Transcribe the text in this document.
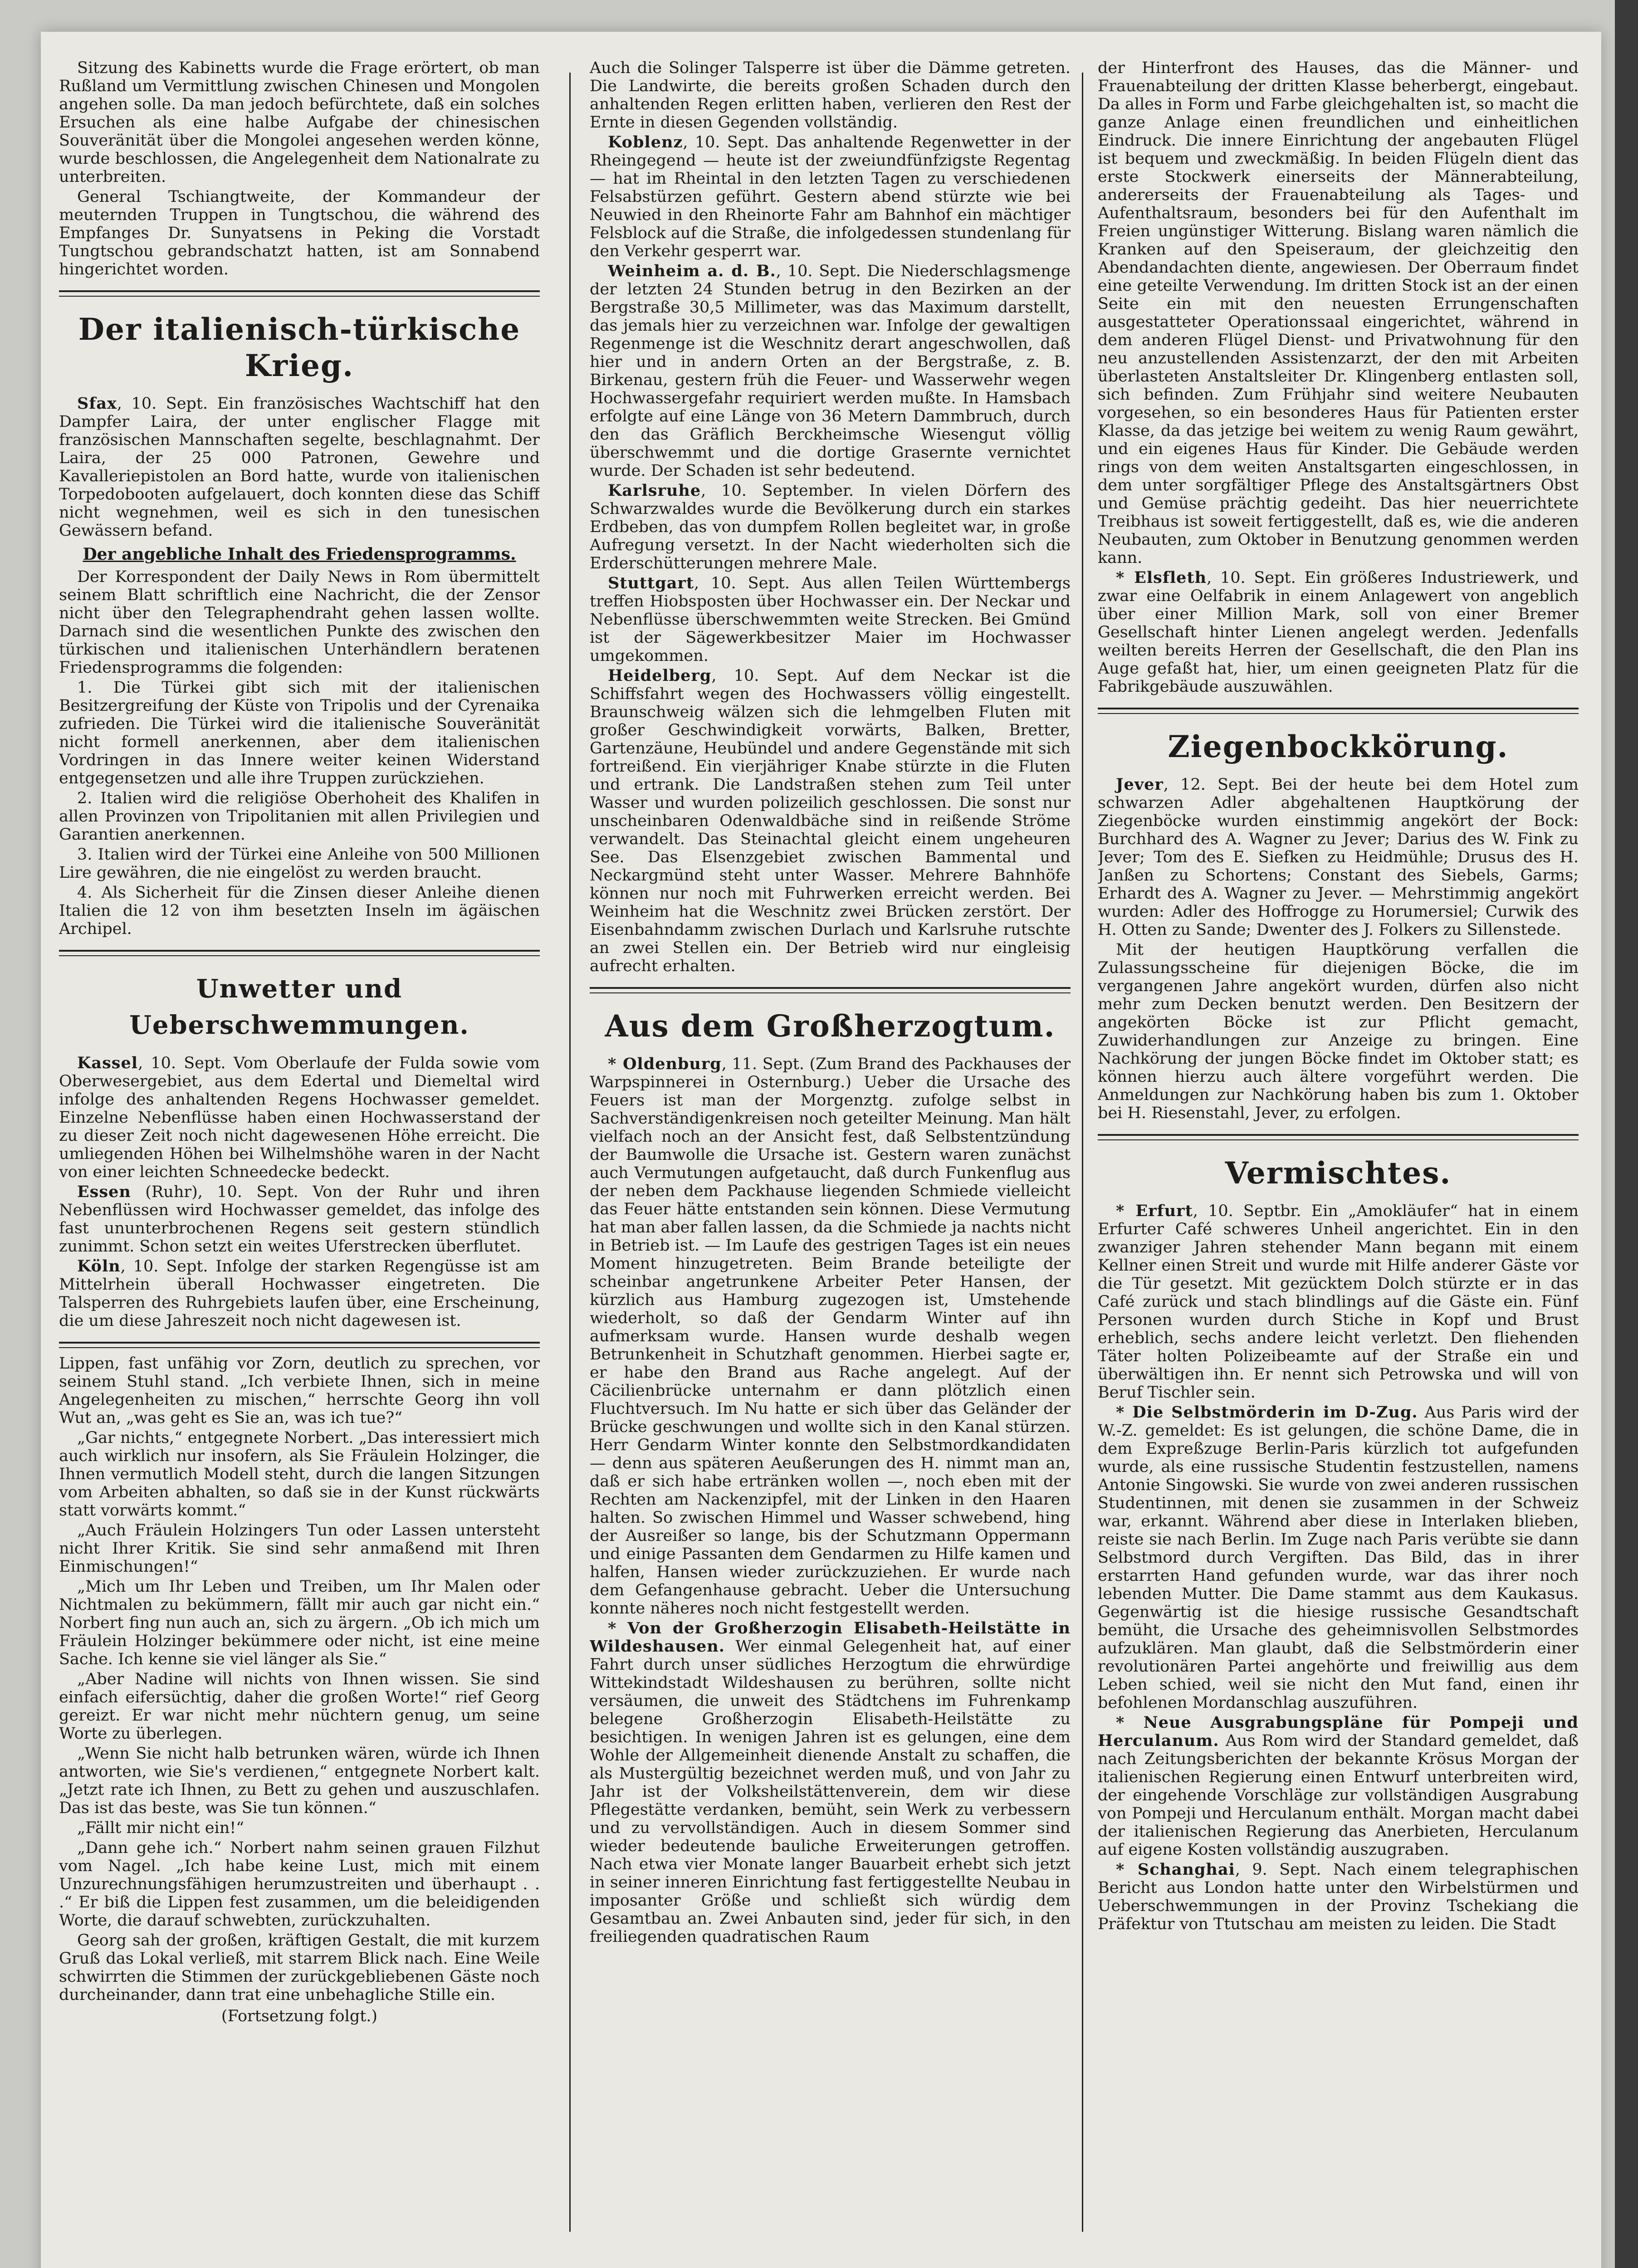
Sitzung des Kabinetts wurde die Frage erörtert, ob man Rußland um Vermittlung zwischen Chinesen und Mongolen angehen solle. Da man jedoch befürchtete, daß ein solches Ersuchen als eine halbe Aufgabe der chinesischen Souveränität über die Mongolei angesehen werden könne, wurde beschlossen, die Angelegenheit dem Nationalrate zu unterbreiten.

General Tschiangtweite, der Kommandeur der meuternden Truppen in Tungtschou, die während des Empfanges Dr. Sunyatsens in Peking die Vorstadt Tungtschou gebrandschatzt hatten, ist am Sonnabend hingerichtet worden.

Der italienisch-türkische Krieg.

Sfax, 10. Sept. Ein französisches Wachtschiff hat den Dampfer Laira, der unter englischer Flagge mit französischen Mannschaften segelte, beschlagnahmt. Der Laira, der 25 000 Patronen, Gewehre und Kavalleriepistolen an Bord hatte, wurde von italienischen Torpedobooten aufgelauert, doch konnten diese das Schiff nicht wegnehmen, weil es sich in den tunesischen Gewässern befand.

Der angebliche Inhalt des Friedensprogramms.

Der Korrespondent der Daily News in Rom übermittelt seinem Blatt schriftlich eine Nachricht, die der Zensor nicht über den Telegraphendraht gehen lassen wollte. Darnach sind die wesentlichen Punkte des zwischen den türkischen und italienischen Unterhändlern beratenen Friedensprogramms die folgenden:

1. Die Türkei gibt sich mit der italienischen Besitzergreifung der Küste von Tripolis und der Cyrenaika zufrieden. Die Türkei wird die italienische Souveränität nicht formell anerkennen, aber dem italienischen Vordringen in das Innere weiter keinen Widerstand entgegensetzen und alle ihre Truppen zurückziehen.

2. Italien wird die religiöse Oberhoheit des Khalifen in allen Provinzen von Tripolitanien mit allen Privilegien und Garantien anerkennen.

3. Italien wird der Türkei eine Anleihe von 500 Millionen Lire gewähren, die nie eingelöst zu werden braucht.

4. Als Sicherheit für die Zinsen dieser Anleihe dienen Italien die 12 von ihm besetzten Inseln im ägäischen Archipel.

Unwetter und Ueberschwemmungen.

Kassel, 10. Sept. Vom Oberlaufe der Fulda sowie vom Oberwesergebiet, aus dem Edertal und Diemeltal wird infolge des anhaltenden Regens Hochwasser gemeldet. Einzelne Nebenflüsse haben einen Hochwasserstand der zu dieser Zeit noch nicht dagewesenen Höhe erreicht. Die umliegenden Höhen bei Wilhelmshöhe waren in der Nacht von einer leichten Schneedecke bedeckt.

Essen (Ruhr), 10. Sept. Von der Ruhr und ihren Nebenflüssen wird Hochwasser gemeldet, das infolge des fast ununterbrochenen Regens seit gestern stündlich zunimmt. Schon setzt ein weites Uferstrecken überflutet.

Köln, 10. Sept. Infolge der starken Regengüsse ist am Mittelrhein überall Hochwasser eingetreten. Die Talsperren des Ruhrgebiets laufen über, eine Erscheinung, die um diese Jahreszeit noch nicht dagewesen ist.

Lippen, fast unfähig vor Zorn, deutlich zu sprechen, vor seinem Stuhl stand. „Ich verbiete Ihnen, sich in meine Angelegenheiten zu mischen,“ herrschte Georg ihn voll Wut an, „was geht es Sie an, was ich tue?“

„Gar nichts,“ entgegnete Norbert. „Das interessiert mich auch wirklich nur insofern, als Sie Fräulein Holzinger, die Ihnen vermutlich Modell steht, durch die langen Sitzungen vom Arbeiten abhalten, so daß sie in der Kunst rückwärts statt vorwärts kommt.“

„Auch Fräulein Holzingers Tun oder Lassen untersteht nicht Ihrer Kritik. Sie sind sehr anmaßend mit Ihren Einmischungen!“

„Mich um Ihr Leben und Treiben, um Ihr Malen oder Nichtmalen zu bekümmern, fällt mir auch gar nicht ein.“ Norbert fing nun auch an, sich zu ärgern. „Ob ich mich um Fräulein Holzinger bekümmere oder nicht, ist eine meine Sache. Ich kenne sie viel länger als Sie.“

„Aber Nadine will nichts von Ihnen wissen. Sie sind einfach eifersüchtig, daher die großen Worte!“ rief Georg gereizt. Er war nicht mehr nüchtern genug, um seine Worte zu überlegen.

„Wenn Sie nicht halb betrunken wären, würde ich Ihnen antworten, wie Sie's verdienen,“ entgegnete Norbert kalt. „Jetzt rate ich Ihnen, zu Bett zu gehen und auszuschlafen. Das ist das beste, was Sie tun können.“

„Fällt mir nicht ein!“

„Dann gehe ich.“ Norbert nahm seinen grauen Filzhut vom Nagel. „Ich habe keine Lust, mich mit einem Unzurechnungsfähigen herumzustreiten und überhaupt . . .“ Er biß die Lippen fest zusammen, um die beleidigenden Worte, die darauf schwebten, zurückzuhalten.

Georg sah der großen, kräftigen Gestalt, die mit kurzem Gruß das Lokal verließ, mit starrem Blick nach. Eine Weile schwirrten die Stimmen der zurückgebliebenen Gäste noch durcheinander, dann trat eine unbehagliche Stille ein.

(Fortsetzung folgt.)

Auch die Solinger Talsperre ist über die Dämme getreten. Die Landwirte, die bereits großen Schaden durch den anhaltenden Regen erlitten haben, verlieren den Rest der Ernte in diesen Gegenden vollständig.

Koblenz, 10. Sept. Das anhaltende Regenwetter in der Rheingegend — heute ist der zweiundfünfzigste Regentag — hat im Rheintal in den letzten Tagen zu verschiedenen Felsabstürzen geführt. Gestern abend stürzte wie bei Neuwied in den Rheinorte Fahr am Bahnhof ein mächtiger Felsblock auf die Straße, die infolgedessen stundenlang für den Verkehr gesperrt war.

Weinheim a. d. B., 10. Sept. Die Niederschlagsmenge der letzten 24 Stunden betrug in den Bezirken an der Bergstraße 30,5 Millimeter, was das Maximum darstellt, das jemals hier zu verzeichnen war. Infolge der gewaltigen Regenmenge ist die Weschnitz derart angeschwollen, daß hier und in andern Orten an der Bergstraße, z. B. Birkenau, gestern früh die Feuer- und Wasserwehr wegen Hochwassergefahr requiriert werden mußte. In Hamsbach erfolgte auf eine Länge von 36 Metern Dammbruch, durch den das Gräflich Berckheimsche Wiesengut völlig überschwemmt und die dortige Grasernte vernichtet wurde. Der Schaden ist sehr bedeutend.

Karlsruhe, 10. September. In vielen Dörfern des Schwarzwaldes wurde die Bevölkerung durch ein starkes Erdbeben, das von dumpfem Rollen begleitet war, in große Aufregung versetzt. In der Nacht wiederholten sich die Erderschütterungen mehrere Male.

Stuttgart, 10. Sept. Aus allen Teilen Württembergs treffen Hiobsposten über Hochwasser ein. Der Neckar und Nebenflüsse überschwemmten weite Strecken. Bei Gmünd ist der Sägewerkbesitzer Maier im Hochwasser umgekommen.

Heidelberg, 10. Sept. Auf dem Neckar ist die Schiffsfahrt wegen des Hochwassers völlig eingestellt. Braunschweig wälzen sich die lehmgelben Fluten mit großer Geschwindigkeit vorwärts, Balken, Bretter, Gartenzäune, Heubündel und andere Gegenstände mit sich fortreißend. Ein vierjähriger Knabe stürzte in die Fluten und ertrank. Die Landstraßen stehen zum Teil unter Wasser und wurden polizeilich geschlossen. Die sonst nur unscheinbaren Odenwaldbäche sind in reißende Ströme verwandelt. Das Steinachtal gleicht einem ungeheuren See. Das Elsenzgebiet zwischen Bammental und Neckargmünd steht unter Wasser. Mehrere Bahnhöfe können nur noch mit Fuhrwerken erreicht werden. Bei Weinheim hat die Weschnitz zwei Brücken zerstört. Der Eisenbahndamm zwischen Durlach und Karlsruhe rutschte an zwei Stellen ein. Der Betrieb wird nur eingleisig aufrecht erhalten.

Aus dem Großherzogtum.

* Oldenburg, 11. Sept. (Zum Brand des Packhauses der Warpspinnerei in Osternburg.) Ueber die Ursache des Feuers ist man der Morgenztg. zufolge selbst in Sachverständigenkreisen noch geteilter Meinung. Man hält vielfach noch an der Ansicht fest, daß Selbstentzündung der Baumwolle die Ursache ist. Gestern waren zunächst auch Vermutungen aufgetaucht, daß durch Funkenflug aus der neben dem Packhause liegenden Schmiede vielleicht das Feuer hätte entstanden sein können. Diese Vermutung hat man aber fallen lassen, da die Schmiede ja nachts nicht in Betrieb ist. — Im Laufe des gestrigen Tages ist ein neues Moment hinzugetreten. Beim Brande beteiligte der scheinbar angetrunkene Arbeiter Peter Hansen, der kürzlich aus Hamburg zugezogen ist, Umstehende wiederholt, so daß der Gendarm Winter auf ihn aufmerksam wurde. Hansen wurde deshalb wegen Betrunkenheit in Schutzhaft genommen. Hierbei sagte er, er habe den Brand aus Rache angelegt. Auf der Cäcilienbrücke unternahm er dann plötzlich einen Fluchtversuch. Im Nu hatte er sich über das Geländer der Brücke geschwungen und wollte sich in den Kanal stürzen. Herr Gendarm Winter konnte den Selbstmordkandidaten — denn aus späteren Aeußerungen des H. nimmt man an, daß er sich habe ertränken wollen —, noch eben mit der Rechten am Nackenzipfel, mit der Linken in den Haaren halten. So zwischen Himmel und Wasser schwebend, hing der Ausreißer so lange, bis der Schutzmann Oppermann und einige Passanten dem Gendarmen zu Hilfe kamen und halfen, Hansen wieder zurückzuziehen. Er wurde nach dem Gefangenhause gebracht. Ueber die Untersuchung konnte näheres noch nicht festgestellt werden.

* Von der Großherzogin Elisabeth-Heilstätte in Wildeshausen. Wer einmal Gelegenheit hat, auf einer Fahrt durch unser südliches Herzogtum die ehrwürdige Wittekindstadt Wildeshausen zu berühren, sollte nicht versäumen, die unweit des Städtchens im Fuhrenkamp belegene Großherzogin Elisabeth-Heilstätte zu besichtigen. In wenigen Jahren ist es gelungen, eine dem Wohle der Allgemeinheit dienende Anstalt zu schaffen, die als Mustergültig bezeichnet werden muß, und von Jahr zu Jahr ist der Volksheilstättenverein, dem wir diese Pflegestätte verdanken, bemüht, sein Werk zu verbessern und zu vervollständigen. Auch in diesem Sommer sind wieder bedeutende bauliche Erweiterungen getroffen. Nach etwa vier Monate langer Bauarbeit erhebt sich jetzt in seiner inneren Einrichtung fast fertiggestellte Neubau in imposanter Größe und schließt sich würdig dem Gesamtbau an. Zwei Anbauten sind, jeder für sich, in den freiliegenden quadratischen Raum

der Hinterfront des Hauses, das die Männer- und Frauenabteilung der dritten Klasse beherbergt, eingebaut. Da alles in Form und Farbe gleichgehalten ist, so macht die ganze Anlage einen freundlichen und einheitlichen Eindruck. Die innere Einrichtung der angebauten Flügel ist bequem und zweckmäßig. In beiden Flügeln dient das erste Stockwerk einerseits der Männerabteilung, andererseits der Frauenabteilung als Tages- und Aufenthaltsraum, besonders bei für den Aufenthalt im Freien ungünstiger Witterung. Bislang waren nämlich die Kranken auf den Speiseraum, der gleichzeitig den Abendandachten diente, angewiesen. Der Oberraum findet eine geteilte Verwendung. Im dritten Stock ist an der einen Seite ein mit den neuesten Errungenschaften ausgestatteter Operationssaal eingerichtet, während in dem anderen Flügel Dienst- und Privatwohnung für den neu anzustellenden Assistenzarzt, der den mit Arbeiten überlasteten Anstaltsleiter Dr. Klingenberg entlasten soll, sich befinden. Zum Frühjahr sind weitere Neubauten vorgesehen, so ein besonderes Haus für Patienten erster Klasse, da das jetzige bei weitem zu wenig Raum gewährt, und ein eigenes Haus für Kinder. Die Gebäude werden rings von dem weiten Anstaltsgarten eingeschlossen, in dem unter sorgfältiger Pflege des Anstaltsgärtners Obst und Gemüse prächtig gedeiht. Das hier neuerrichtete Treibhaus ist soweit fertiggestellt, daß es, wie die anderen Neubauten, zum Oktober in Benutzung genommen werden kann.

* Elsfleth, 10. Sept. Ein größeres Industriewerk, und zwar eine Oelfabrik in einem Anlagewert von angeblich über einer Million Mark, soll von einer Bremer Gesellschaft hinter Lienen angelegt werden. Jedenfalls weilten bereits Herren der Gesellschaft, die den Plan ins Auge gefaßt hat, hier, um einen geeigneten Platz für die Fabrikgebäude auszuwählen.

Ziegenbockkörung.

Jever, 12. Sept. Bei der heute bei dem Hotel zum schwarzen Adler abgehaltenen Hauptkörung der Ziegenböcke wurden einstimmig angekört der Bock: Burchhard des A. Wagner zu Jever; Darius des W. Fink zu Jever; Tom des E. Siefken zu Heidmühle; Drusus des H. Janßen zu Schortens; Constant des Siebels, Garms; Erhardt des A. Wagner zu Jever. — Mehrstimmig angekört wurden: Adler des Hoffrogge zu Horumersiel; Curwik des H. Otten zu Sande; Dwenter des J. Folkers zu Sillenstede.

Mit der heutigen Hauptkörung verfallen die Zulassungsscheine für diejenigen Böcke, die im vergangenen Jahre angekört wurden, dürfen also nicht mehr zum Decken benutzt werden. Den Besitzern der angekörten Böcke ist zur Pflicht gemacht, Zuwiderhandlungen zur Anzeige zu bringen. Eine Nachkörung der jungen Böcke findet im Oktober statt; es können hierzu auch ältere vorgeführt werden. Die Anmeldungen zur Nachkörung haben bis zum 1. Oktober bei H. Riesenstahl, Jever, zu erfolgen.

Vermischtes.

* Erfurt, 10. Septbr. Ein „Amokläufer“ hat in einem Erfurter Café schweres Unheil angerichtet. Ein in den zwanziger Jahren stehender Mann begann mit einem Kellner einen Streit und wurde mit Hilfe anderer Gäste vor die Tür gesetzt. Mit gezücktem Dolch stürzte er in das Café zurück und stach blindlings auf die Gäste ein. Fünf Personen wurden durch Stiche in Kopf und Brust erheblich, sechs andere leicht verletzt. Den fliehenden Täter holten Polizeibeamte auf der Straße ein und überwältigen ihn. Er nennt sich Petrowska und will von Beruf Tischler sein.

* Die Selbstmörderin im D-Zug. Aus Paris wird der W.-Z. gemeldet: Es ist gelungen, die schöne Dame, die in dem Expreßzuge Berlin-Paris kürzlich tot aufgefunden wurde, als eine russische Studentin festzustellen, namens Antonie Singowski. Sie wurde von zwei anderen russischen Studentinnen, mit denen sie zusammen in der Schweiz war, erkannt. Während aber diese in Interlaken blieben, reiste sie nach Berlin. Im Zuge nach Paris verübte sie dann Selbstmord durch Vergiften. Das Bild, das in ihrer erstarrten Hand gefunden wurde, war das ihrer noch lebenden Mutter. Die Dame stammt aus dem Kaukasus. Gegenwärtig ist die hiesige russische Gesandtschaft bemüht, die Ursache des geheimnisvollen Selbstmordes aufzuklären. Man glaubt, daß die Selbstmörderin einer revolutionären Partei angehörte und freiwillig aus dem Leben schied, weil sie nicht den Mut fand, einen ihr befohlenen Mordanschlag auszuführen.

* Neue Ausgrabungspläne für Pompeji und Herculanum. Aus Rom wird der Standard gemeldet, daß nach Zeitungsberichten der bekannte Krösus Morgan der italienischen Regierung einen Entwurf unterbreiten wird, der eingehende Vorschläge zur vollständigen Ausgrabung von Pompeji und Herculanum enthält. Morgan macht dabei der italienischen Regierung das Anerbieten, Herculanum auf eigene Kosten vollständig auszugraben.

* Schanghai, 9. Sept. Nach einem telegraphischen Bericht aus London hatte unter den Wirbelstürmen und Ueberschwemmungen in der Provinz Tschekiang die Präfektur von Ttutschau am meisten zu leiden. Die Stadt
